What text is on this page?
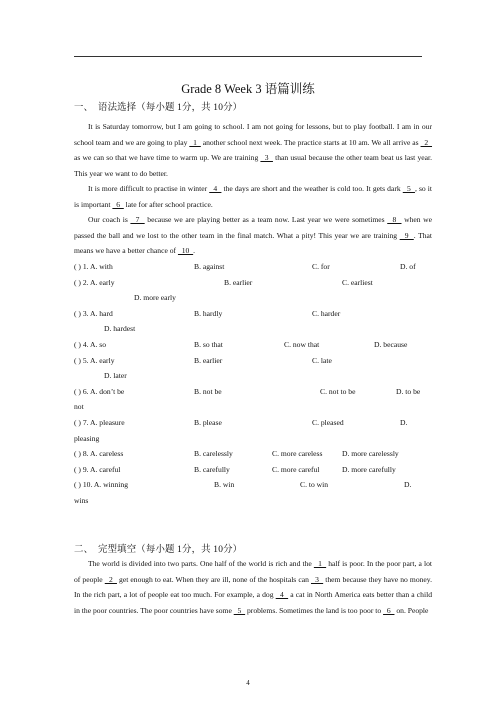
Grade 8 Week 3 语篇训练
一、 语法选择（每小题 1分，共 10分）
It is Saturday tomorrow, but I am going to school. I am not going for lessons, but to play football. I am in our school team and we are going to play   1   another school next week. The practice starts at 10 am. We all arrive as   2   as we can so that we have time to warm up. We are training   3   than usual because the other team beat us last year. This year we want to do better.
It is more difficult to practise in winter   4   the days are short and the weather is cold too. It gets dark   5  , so it is important   6   late for after school practice.
Our coach is   7   because we are playing better as a team now. Last year we were sometimes   8   when we passed the ball and we lost to the other team in the final match. What a pity! This year we are training   9  . That means we have a better chance of   10  .
( ) 1. A. with	B. against	C. for	D. of
( ) 2. A. early	B. earlier	C. earliest
D. more early
( ) 3. A. hard	B. hardly	C. harder
D. hardest
( ) 4. A. so	B. so that	C. now that	D. because
( ) 5. A. early	B. earlier	C. late
D. later
( ) 6. A. don’t be	B. not be	C. not to be	D. to be
not
( ) 7. A. pleasure	B. please	C. pleased	D.
pleasing
( ) 8. A. careless	B. carelessly	C. more careless	D. more carelessly
( ) 9. A. careful	B. carefully	C. more careful	D. more carefully
( ) 10. A. winning	B. win	C. to win	D.
wins
二、 完型填空（每小题 1分，共 10分）
The world is divided into two parts. One half of the world is rich and the   1   half is poor. In the poor part, a lot of people   2   get enough to eat. When they are ill, none of the hospitals can   3   them because they have no money. In the rich part, a lot of people eat too much. For example, a dog   4   a cat in North America eats better than a child in the poor countries. The poor countries have some   5   problems. Sometimes the land is too poor to   6   on. People
4
